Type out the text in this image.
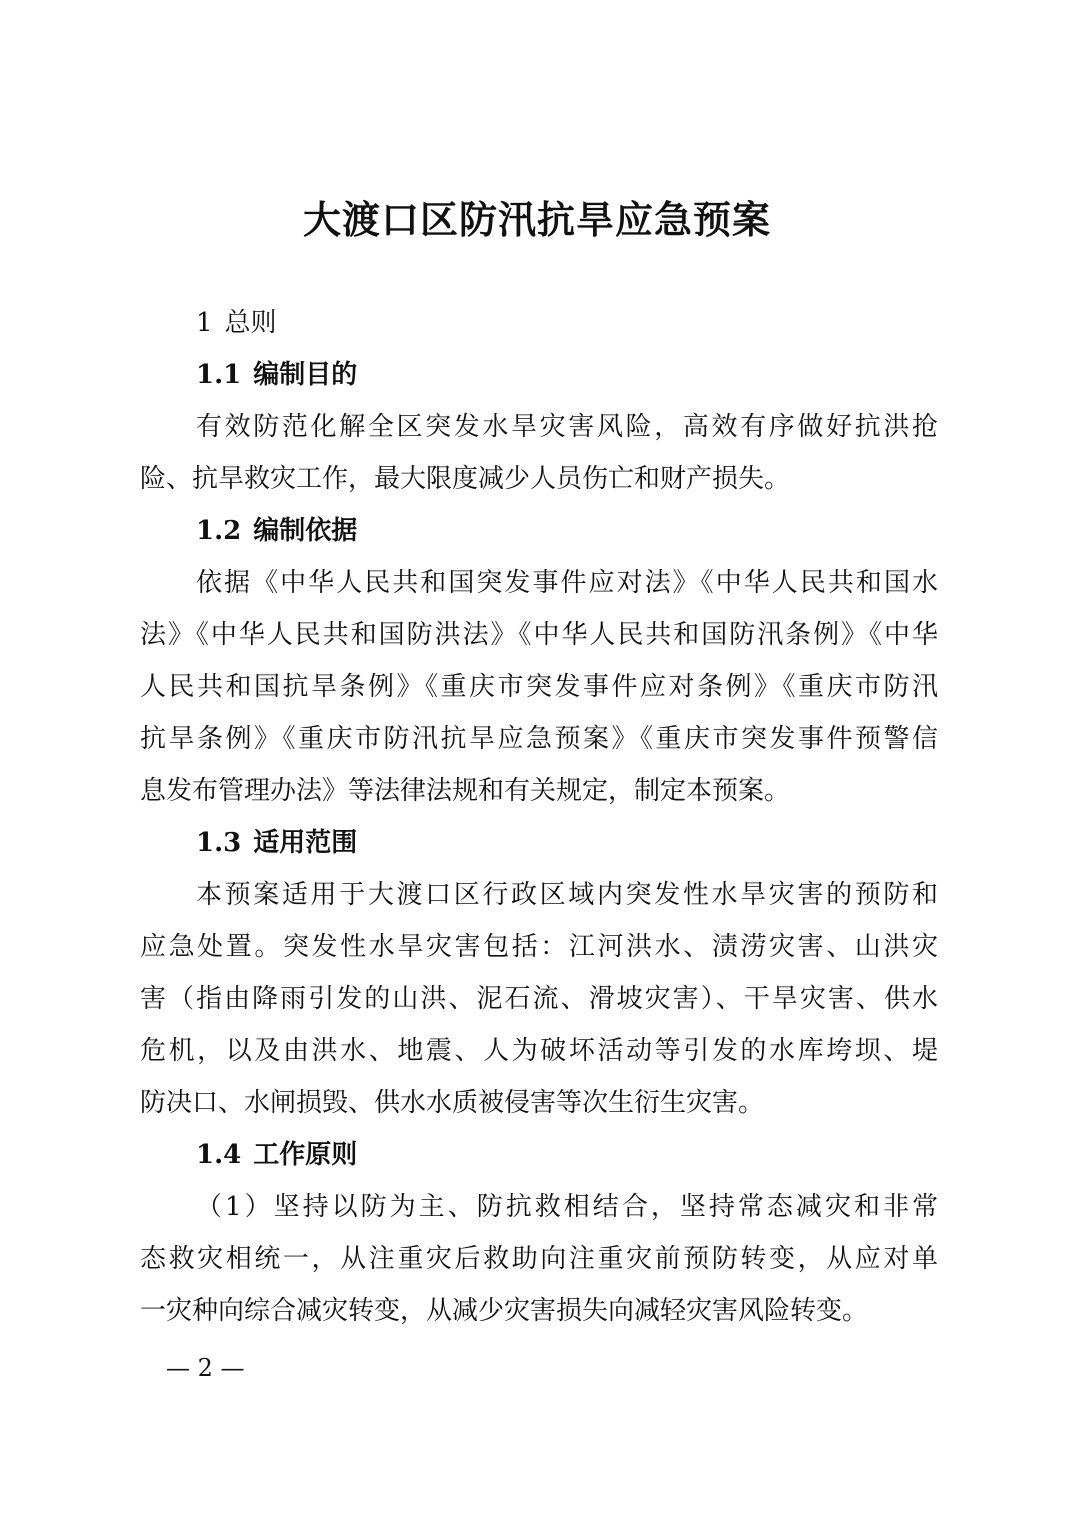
大渡口区防汛抗旱应急预案
1 总则
1.1 编制目的
有效防范化解全区突发水旱灾害风险，高效有序做好抗洪抢
险、抗旱救灾工作，最大限度减少人员伤亡和财产损失。
1.2 编制依据
依据《中华人民共和国突发事件应对法》《中华人民共和国水
法》《中华人民共和国防洪法》《中华人民共和国防汛条例》《中华
人民共和国抗旱条例》《重庆市突发事件应对条例》《重庆市防汛
抗旱条例》《重庆市防汛抗旱应急预案》《重庆市突发事件预警信
息发布管理办法》等法律法规和有关规定，制定本预案。
1.3 适用范围
本预案适用于大渡口区行政区域内突发性水旱灾害的预防和
应急处置。突发性水旱灾害包括：江河洪水、渍涝灾害、山洪灾
害（指由降雨引发的山洪、泥石流、滑坡灾害）、干旱灾害、供水
危机，以及由洪水、地震、人为破坏活动等引发的水库垮坝、堤
防决口、水闸损毁、供水水质被侵害等次生衍生灾害。
1.4 工作原则
（1）坚持以防为主、防抗救相结合，坚持常态减灾和非常
态救灾相统一，从注重灾后救助向注重灾前预防转变，从应对单
一灾种向综合减灾转变，从减少灾害损失向减轻灾害风险转变。
— 2 —
